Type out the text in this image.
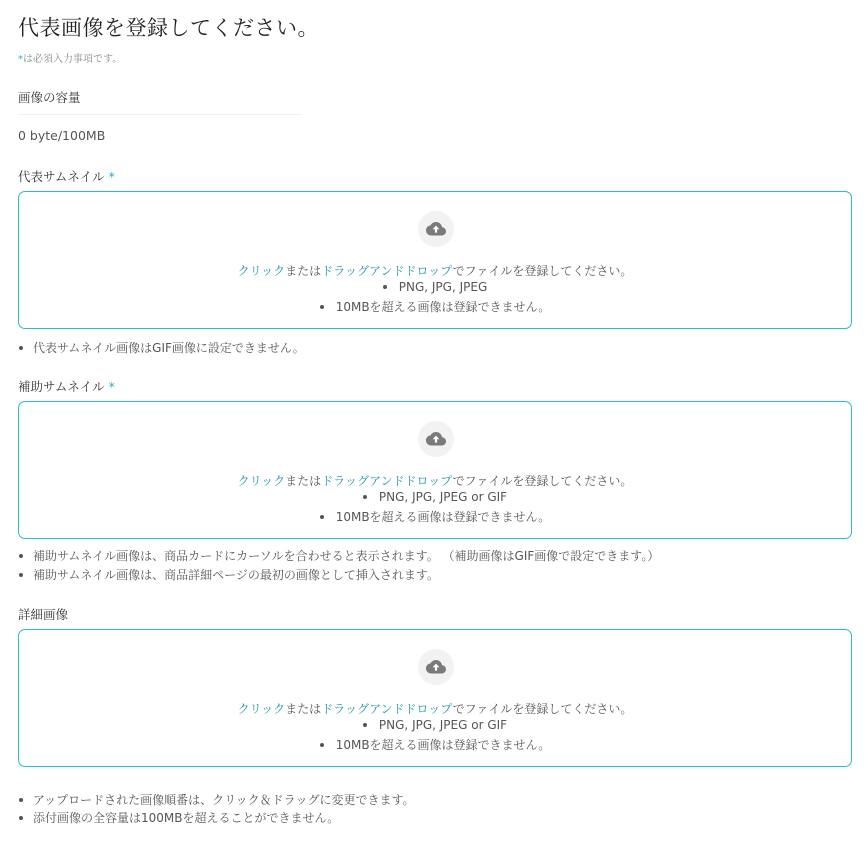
代表画像を登録してください。
*は必須入力事項です。
画像の容量
0 byte/100MB
代表サムネイル *
クリックまたはドラッグアンドドロップでファイルを登録してください。
PNG, JPG, JPEG
10MBを超える画像は登録できません。
代表サムネイル画像はGIF画像に設定できません。
補助サムネイル *
クリックまたはドラッグアンドドロップでファイルを登録してください。
PNG, JPG, JPEG or GIF
10MBを超える画像は登録できません。
補助サムネイル画像は、商品カードにカーソルを合わせると表示されます。 （補助画像はGIF画像で設定できます。）
補助サムネイル画像は、商品詳細ページの最初の画像として挿入されます。
詳細画像
クリックまたはドラッグアンドドロップでファイルを登録してください。
PNG, JPG, JPEG or GIF
10MBを超える画像は登録できません。
アップロードされた画像順番は、クリック＆ドラッグに変更できます。
添付画像の全容量は100MBを超えることができません。
